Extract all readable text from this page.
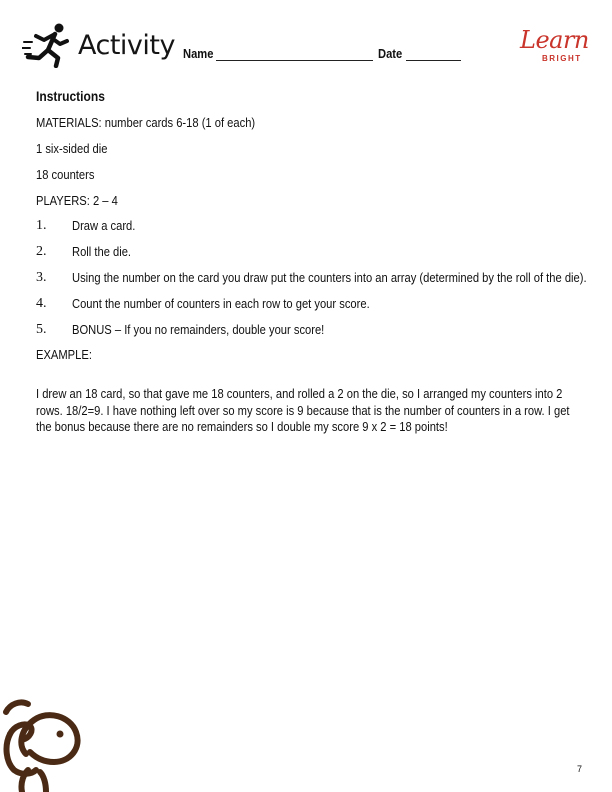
Activity Name	Date	Learn
BRIGHT

Instructions

MATERIALS: number cards 6-18 (1 of each)

1 six-sided die

18 counters

PLAYERS: 2 – 4

1. Draw a card.

2. Roll the die.

3. Using the number on the card you draw put the counters into an array (determined by the roll of the die).

4. Count the number of counters in each row to get your score.

5. BONUS – If you no remainders, double your score!

EXAMPLE:

I drew an 18 card, so that gave me 18 counters, and rolled a 2 on the die, so I arranged my counters into 2 rows. 18/2=9. I have nothing left over so my score is 9 because that is the number of counters in a row. I get the bonus because there are no remainders so I double my score 9 x 2 = 18 points!

7
